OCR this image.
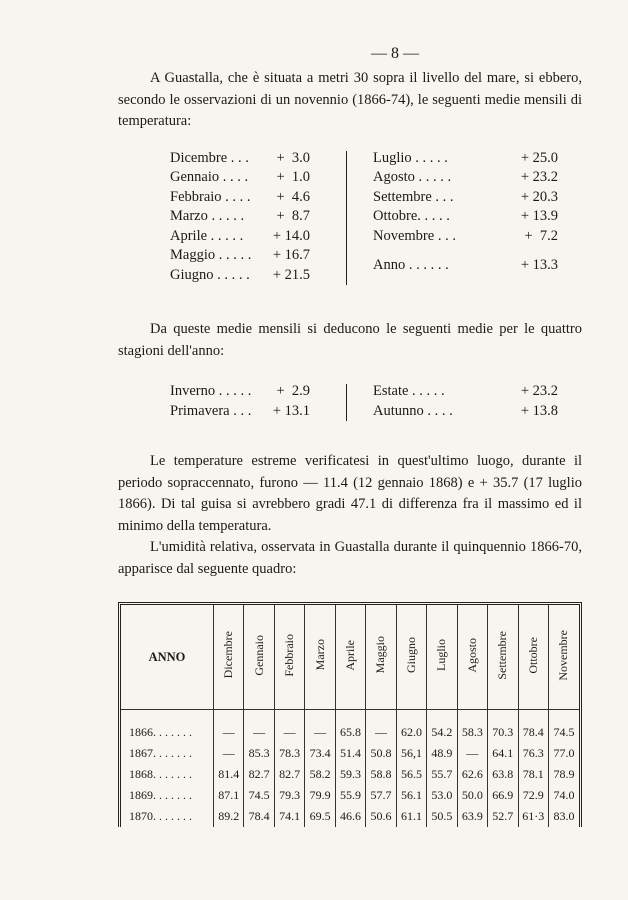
— 8 —

A Guastalla, che è situata a metri 30 sopra il livello del mare, si ebbero, secondo le osservazioni di un novennio (1866-74), le seguenti medie mensili di temperatura:

Dicembre . . . +  3.0
Gennaio . . . . +  1.0
Febbraio . . . . +  4.6
Marzo . . . . . +  8.7
Aprile . . . . . + 14.0
Maggio . . . . . + 16.7
Giugno . . . . . + 21.5
Luglio . . . . .	+ 25.0
Agosto . . . . .	+ 23.2
Settembre . . .	+ 20.3
Ottobre. . . . .	+ 13.9
Novembre . . .	+  7.2
Anno . . . . . .	+ 13.3

Da queste medie mensili si deducono le seguenti medie per le quattro stagioni dell'anno:

Inverno . . . . . +  2.9
Primavera . . . + 13.1
Estate . . . . .	+ 23.2
Autunno . . . .	+ 13.8

Le temperature estreme verificatesi in quest'ultimo luogo, durante il periodo sopraccennato, furono — 11.4 (12 gennaio 1868) e + 35.7 (17 luglio 1866). Di tal guisa si avrebbero gradi 47.1 di differenza fra il massimo ed il minimo della temperatura.

L'umidità relativa, osservata in Guastalla durante il quinquennio 1866-70, apparisce dal seguente quadro:

ANNO	Dicembre	Gennaio	Febbraio	Marzo	Aprile	Maggio	Giugno	Luglio	Agosto	Settembre	Ottobre	Novembre

1866. . . . . . .	—	—	—	—	65.8	—	62.0	54.2	58.3	70.3	78.4	74.5
1867. . . . . . .	—	85.3	78.3	73.4	51.4	50.8	56,1	48.9	—	64.1	76.3	77.0
1868. . . . . . .	81.4	82.7	82.7	58.2	59.3	58.8	56.5	55.7	62.6	63.8	78.1	78.9
1869. . . . . . .	87.1	74.5	79.3	79.9	55.9	57.7	56.1	53.0	50.0	66.9	72.9	74.0
1870. . . . . . .	89.2	78.4	74.1	69.5	46.6	50.6	61.1	50.5	63.9	52.7	61·3	83.0
